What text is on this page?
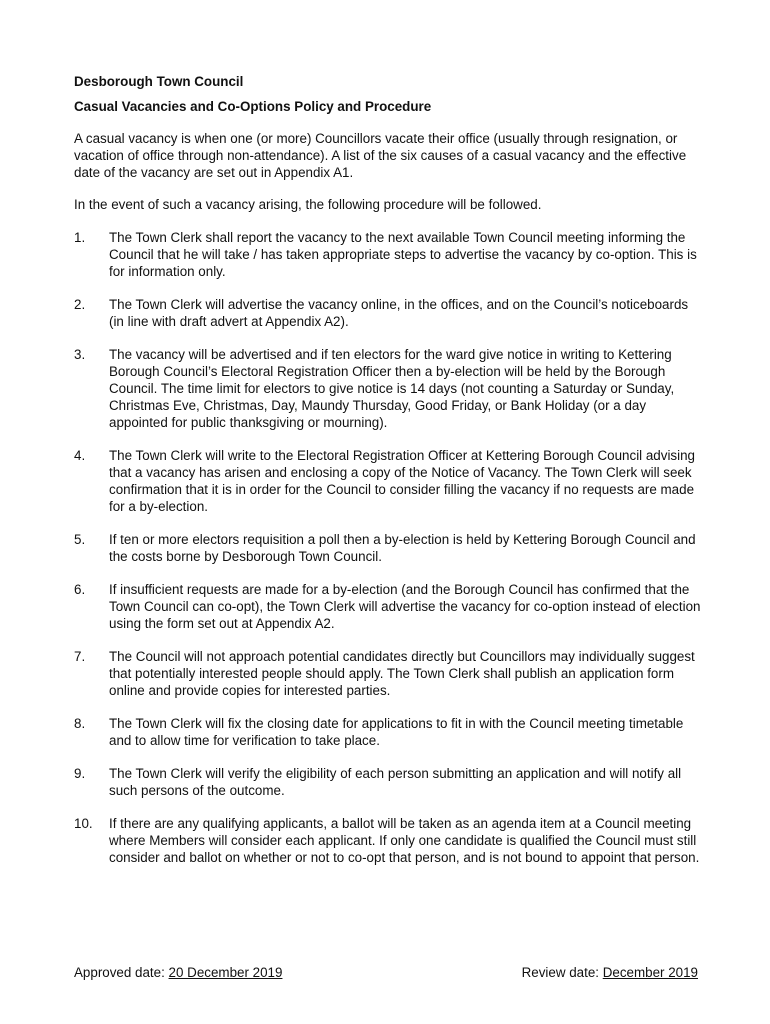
Desborough Town Council

Casual Vacancies and Co-Options Policy and Procedure

A casual vacancy is when one (or more) Councillors vacate their office (usually through resignation, or vacation of office through non-attendance). A list of the six causes of a casual vacancy and the effective date of the vacancy are set out in Appendix A1.

In the event of such a vacancy arising, the following procedure will be followed.

1. The Town Clerk shall report the vacancy to the next available Town Council meeting informing the Council that he will take / has taken appropriate steps to advertise the vacancy by co-option. This is for information only.
2. The Town Clerk will advertise the vacancy online, in the offices, and on the Council’s noticeboards (in line with draft advert at Appendix A2).
3. The vacancy will be advertised and if ten electors for the ward give notice in writing to Kettering Borough Council’s Electoral Registration Officer then a by-election will be held by the Borough Council. The time limit for electors to give notice is 14 days (not counting a Saturday or Sunday, Christmas Eve, Christmas, Day, Maundy Thursday, Good Friday, or Bank Holiday (or a day appointed for public thanksgiving or mourning).
4. The Town Clerk will write to the Electoral Registration Officer at Kettering Borough Council advising that a vacancy has arisen and enclosing a copy of the Notice of Vacancy. The Town Clerk will seek confirmation that it is in order for the Council to consider filling the vacancy if no requests are made for a by-election.
5. If ten or more electors requisition a poll then a by-election is held by Kettering Borough Council and the costs borne by Desborough Town Council.
6. If insufficient requests are made for a by-election (and the Borough Council has confirmed that the Town Council can co-opt), the Town Clerk will advertise the vacancy for co-option instead of election using the form set out at Appendix A2.
7. The Council will not approach potential candidates directly but Councillors may individually suggest that potentially interested people should apply. The Town Clerk shall publish an application form online and provide copies for interested parties.
8. The Town Clerk will fix the closing date for applications to fit in with the Council meeting timetable and to allow time for verification to take place.
9. The Town Clerk will verify the eligibility of each person submitting an application and will notify all such persons of the outcome.
10. If there are any qualifying applicants, a ballot will be taken as an agenda item at a Council meeting where Members will consider each applicant. If only one candidate is qualified the Council must still consider and ballot on whether or not to co-opt that person, and is not bound to appoint that person.
Approved date: 20 December 2019	Review date: December 2019
